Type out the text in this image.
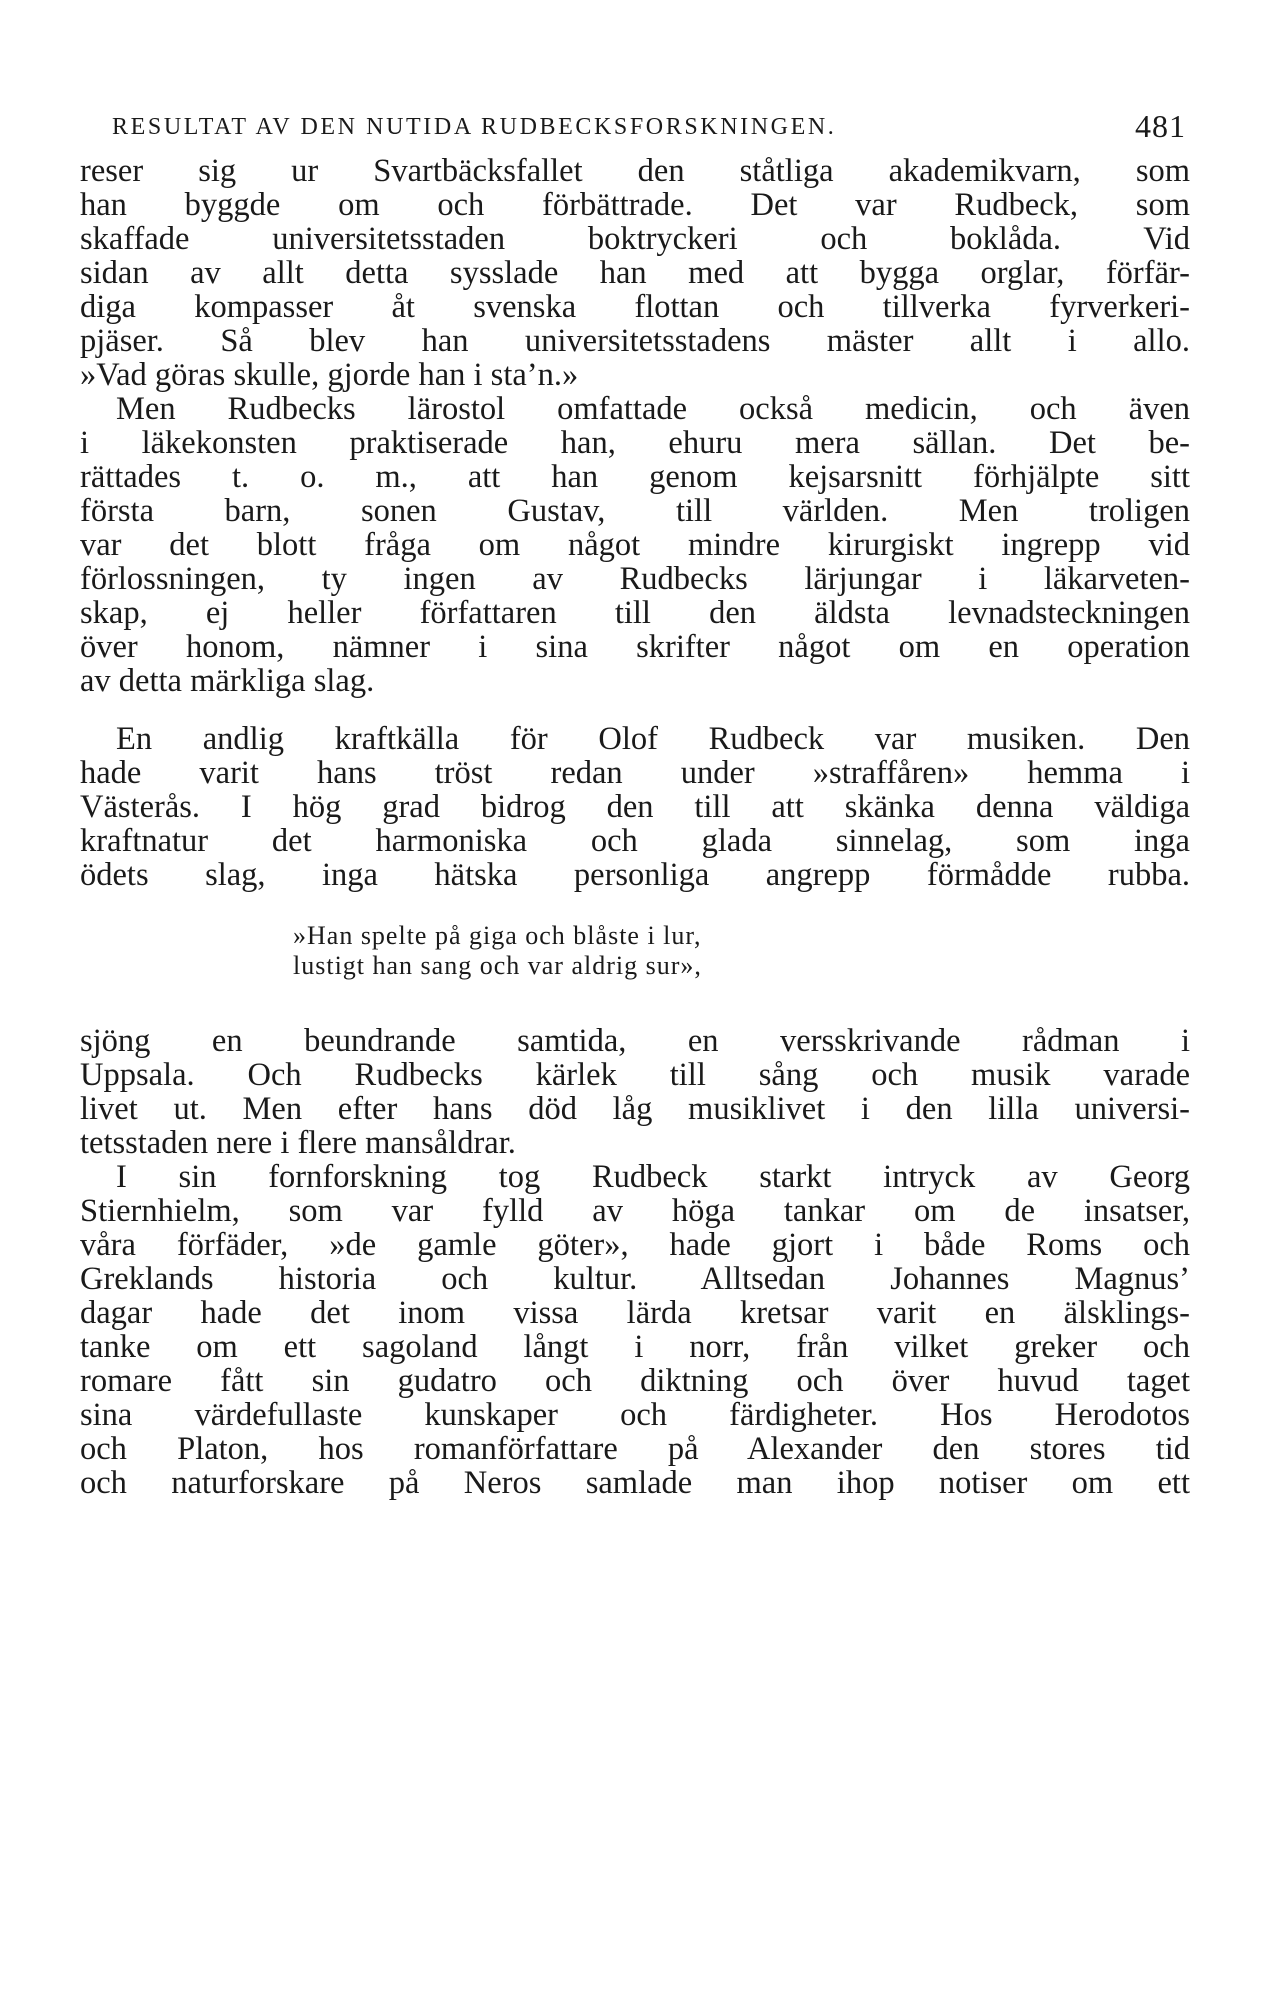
RESULTAT AV DEN NUTIDA RUDBECKSFORSKNINGEN.	481
reser sig ur Svartbäcksfallet den ståtliga akademikvarn, som
han byggde om och förbättrade. Det var Rudbeck, som
skaffade universitetsstaden boktryckeri och boklåda. Vid
sidan av allt detta sysslade han med att bygga orglar, förfär-
diga kompasser åt svenska flottan och tillverka fyrverkeri-
pjäser. Så blev han universitetsstadens mäster allt i allo.
»Vad göras skulle, gjorde han i sta’n.»
Men Rudbecks lärostol omfattade också medicin, och även
i läkekonsten praktiserade han, ehuru mera sällan. Det be-
rättades t. o. m., att han genom kejsarsnitt förhjälpte sitt
första barn, sonen Gustav, till världen. Men troligen
var det blott fråga om något mindre kirurgiskt ingrepp vid
förlossningen, ty ingen av Rudbecks lärjungar i läkarveten-
skap, ej heller författaren till den äldsta levnadsteckningen
över honom, nämner i sina skrifter något om en operation
av detta märkliga slag.
En andlig kraftkälla för Olof Rudbeck var musiken. Den
hade varit hans tröst redan under »straffåren» hemma i
Västerås. I hög grad bidrog den till att skänka denna väldiga
kraftnatur det harmoniska och glada sinnelag, som inga
ödets slag, inga hätska personliga angrepp förmådde rubba.
»Han spelte på giga och blåste i lur,
lustigt han sang och var aldrig sur»,
sjöng en beundrande samtida, en versskrivande rådman i
Uppsala. Och Rudbecks kärlek till sång och musik varade
livet ut. Men efter hans död låg musiklivet i den lilla universi-
tetsstaden nere i flere mansåldrar.
I sin fornforskning tog Rudbeck starkt intryck av Georg
Stiernhielm, som var fylld av höga tankar om de insatser,
våra förfäder, »de gamle göter», hade gjort i både Roms och
Greklands historia och kultur. Alltsedan Johannes Magnus’
dagar hade det inom vissa lärda kretsar varit en älsklings-
tanke om ett sagoland långt i norr, från vilket greker och
romare fått sin gudatro och diktning och över huvud taget
sina värdefullaste kunskaper och färdigheter. Hos Herodotos
och Platon, hos romanförfattare på Alexander den stores tid
och naturforskare på Neros samlade man ihop notiser om ett
